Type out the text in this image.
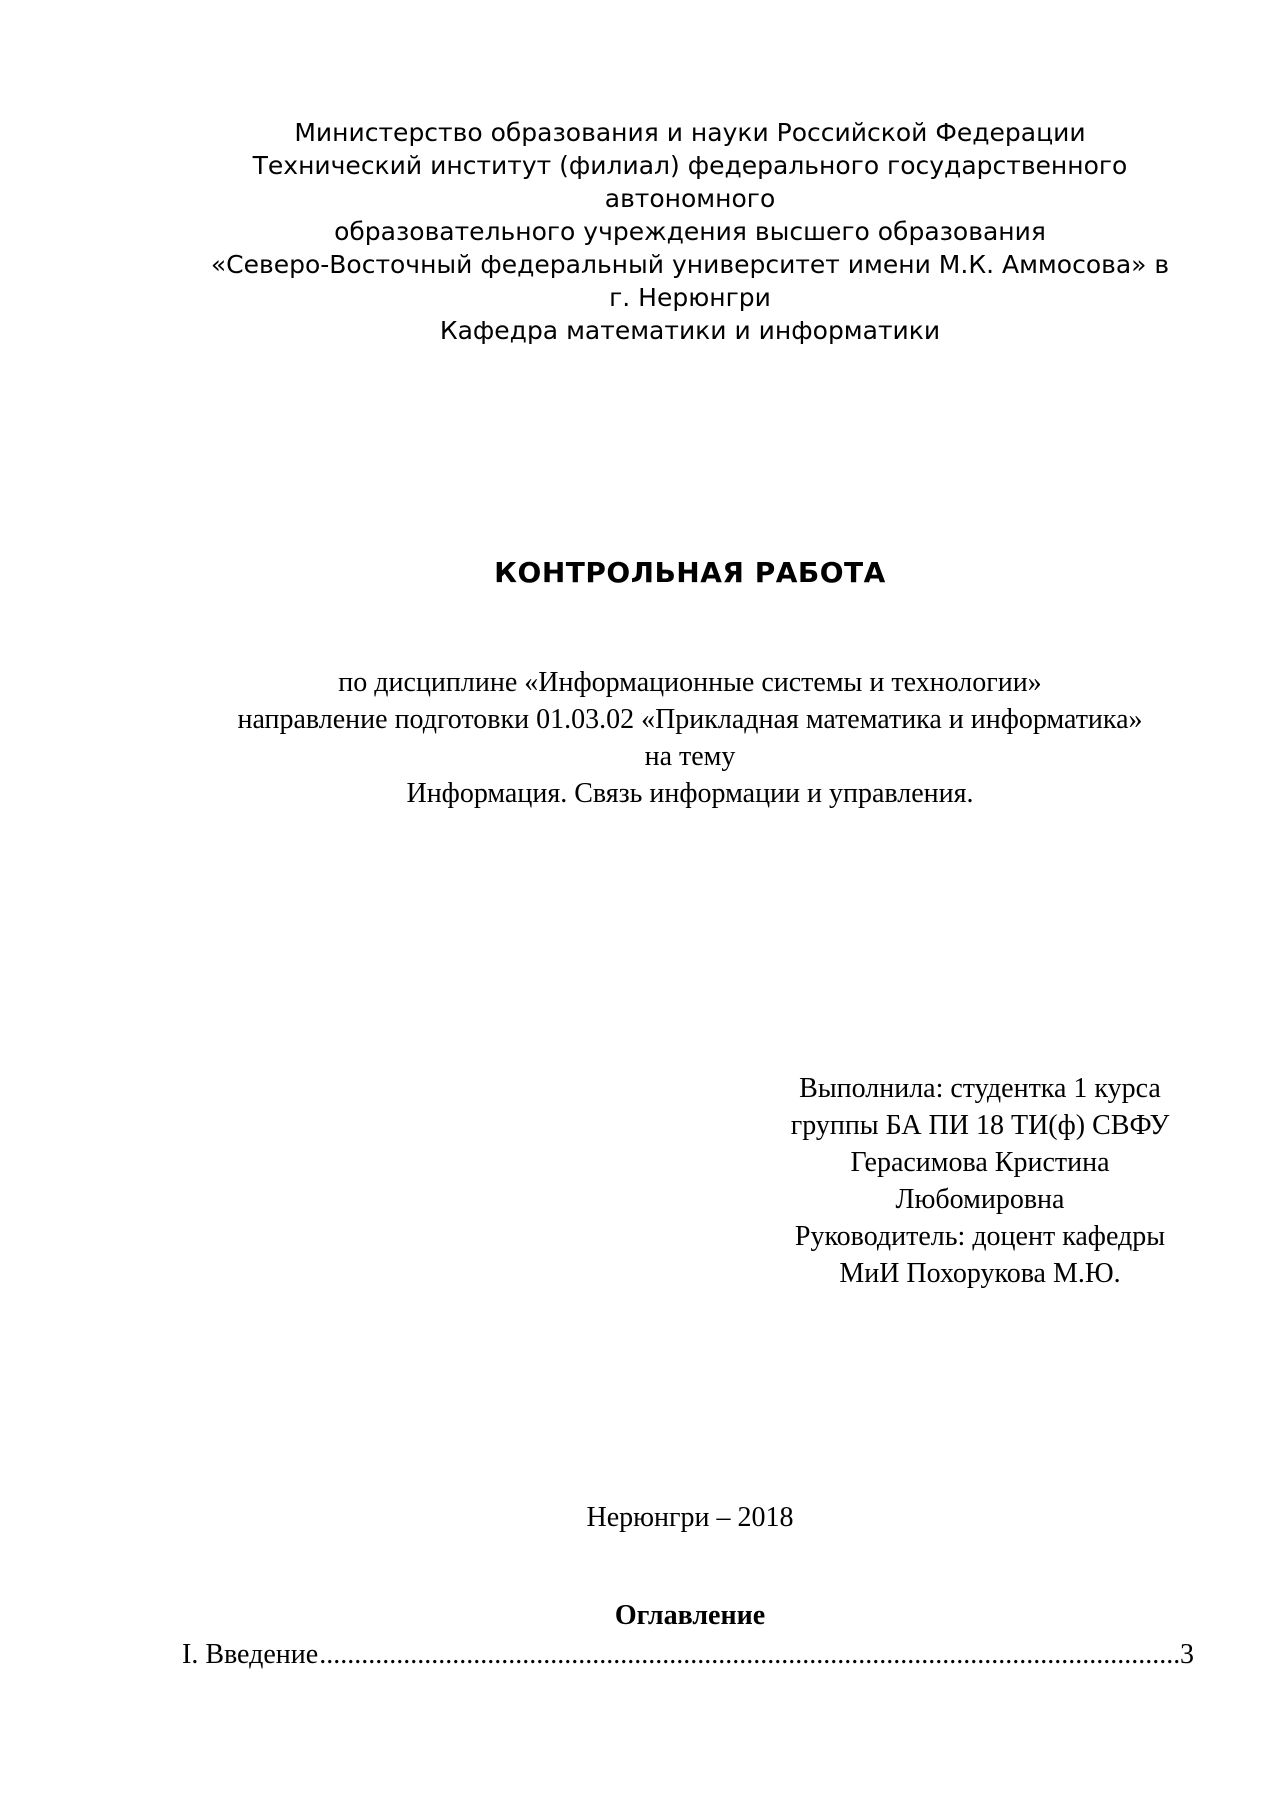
Министерство образования и науки Российской Федерации
Технический институт (филиал) федерального государственного
автономного
образовательного учреждения высшего образования
«Северо-Восточный федеральный университет имени М.К. Аммосова» в
г. Нерюнгри
Кафедра математики и информатики
КОНТРОЛЬНАЯ РАБОТА
по дисциплине «Информационные системы и технологии»
направление подготовки 01.03.02 «Прикладная математика и информатика»
на тему
Информация. Связь информации и управления.
Выполнила: студентка 1 курса
группы БА ПИ 18 ТИ(ф) СВФУ
Герасимова Кристина
Любомировна
Руководитель: доцент кафедры
МиИ Похорукова М.Ю.
Нерюнгри – 2018
Оглавление
I. Введение
.....	3
